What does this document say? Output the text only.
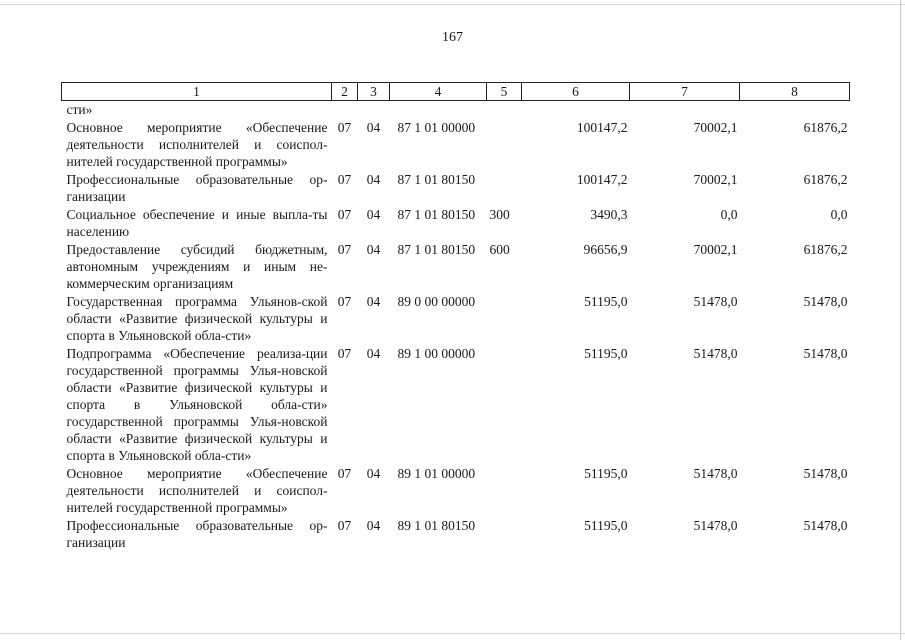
167
1	2	3	4	5	6	7	8
сти»							
Основное мероприятие «Обеспечение деятельности исполнителей и соиспол-нителей государственной программы»	07	04	87 1 01 00000		100147,2	70002,1	61876,2
Профессиональные образовательные ор-ганизации	07	04	87 1 01 80150		100147,2	70002,1	61876,2
Социальное обеспечение и иные выпла-ты населению	07	04	87 1 01 80150	300	3490,3	0,0	0,0
Предоставление субсидий бюджетным, автономным учреждениям и иным не-коммерческим организациям	07	04	87 1 01 80150	600	96656,9	70002,1	61876,2
Государственная программа Ульянов-ской области «Развитие физической культуры и спорта в Ульяновской обла-сти»	07	04	89 0 00 00000		51195,0	51478,0	51478,0
Подпрограмма «Обеспечение реализа-ции государственной программы Улья-новской области «Развитие физической культуры и спорта в Ульяновской обла-сти» государственной программы Улья-новской области «Развитие физической культуры и спорта в Ульяновской обла-сти»	07	04	89 1 00 00000		51195,0	51478,0	51478,0
Основное мероприятие «Обеспечение деятельности исполнителей и соиспол-нителей государственной программы»	07	04	89 1 01 00000		51195,0	51478,0	51478,0
Профессиональные образовательные ор-ганизации	07	04	89 1 01 80150		51195,0	51478,0	51478,0
